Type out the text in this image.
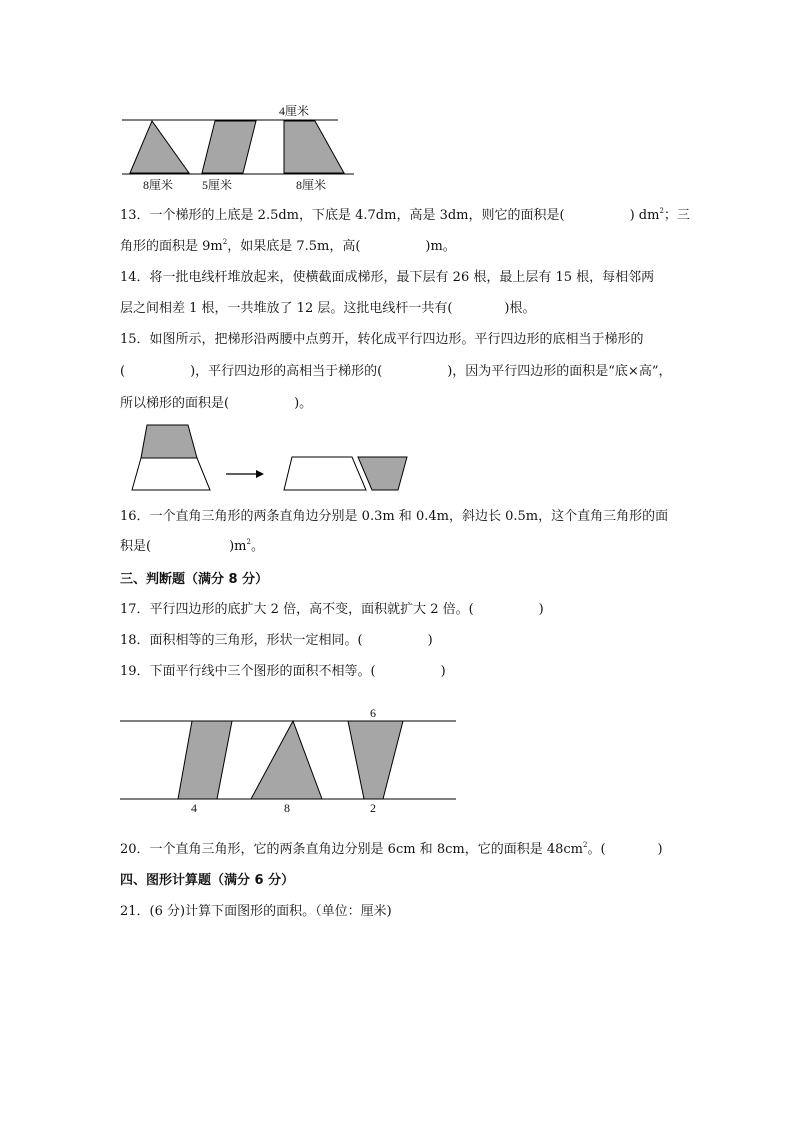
4厘米
8厘米 5厘米	8厘米
13．一个梯形的上底是 2.5dm，下底是 4.7dm，高是 3dm，则它的面积是(　　　　　) $dm^2$；三
角形的面积是 $9m^2$，如果底是 7.5m，高(　　　　　)m。
14．将一批电线杆堆放起来，使横截面成梯形，最下层有 26 根，最上层有 15 根，每相邻两
层之间相差 1 根，一共堆放了 12 层。这批电线杆一共有(　　　　)根。
15．如图所示，把梯形沿两腰中点剪开，转化成平行四边形。平行四边形的底相当于梯形的
(　　　　　)，平行四边形的高相当于梯形的(　　　　　)，因为平行四边形的面积是“底×高”，
所以梯形的面积是(　　　　　)。
16．一个直角三角形的两条直角边分别是 0.3m 和 0.4m，斜边长 0.5m，这个直角三角形的面
积是(　　　　　　)$m^2$。
三、判断题（满分 8 分）
17．平行四边形的底扩大 2 倍，高不变，面积就扩大 2 倍。(　　　　　)
18．面积相等的三角形，形状一定相同。(　　　　　)
19．下面平行线中三个图形的面积不相等。(　　　　　)
6
4	8	2
20．一个直角三角形，它的两条直角边分别是 6cm 和 8cm，它的面积是 $48cm^2$。(　　　　)
四、图形计算题（满分 6 分）
21．(6 分)计算下面图形的面积。（单位：厘米)
